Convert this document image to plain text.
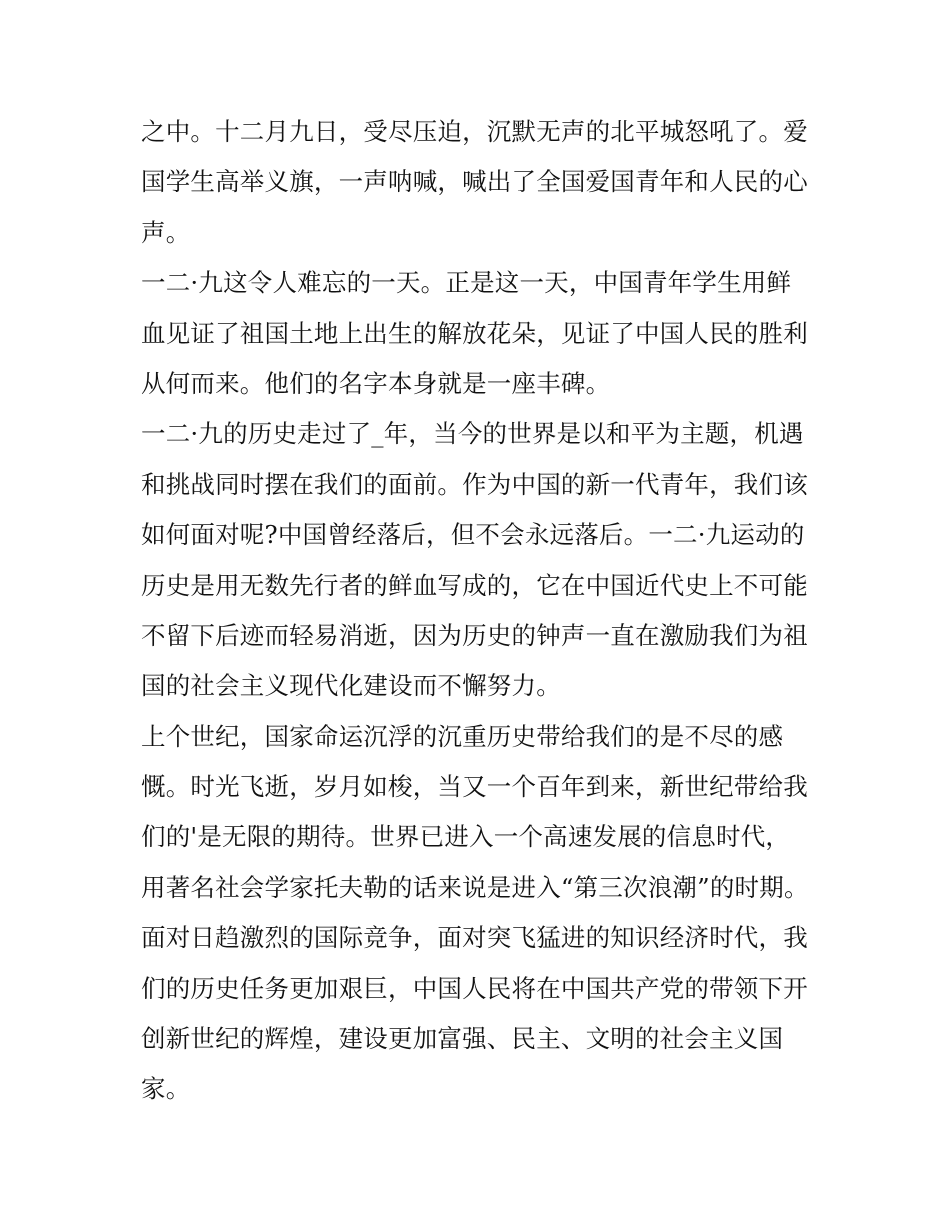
之中。十二月九日，受尽压迫，沉默无声的北平城怒吼了。爱
国学生高举义旗，一声呐喊，喊出了全国爱国青年和人民的心
声。
一二·九这令人难忘的一天。正是这一天，中国青年学生用鲜
血见证了祖国土地上出生的解放花朵，见证了中国人民的胜利
从何而来。他们的名字本身就是一座丰碑。
一二·九的历史走过了_年，当今的世界是以和平为主题，机遇
和挑战同时摆在我们的面前。作为中国的新一代青年，我们该
如何面对呢?中国曾经落后，但不会永远落后。一二·九运动的
历史是用无数先行者的鲜血写成的，它在中国近代史上不可能
不留下后迹而轻易消逝，因为历史的钟声一直在激励我们为祖
国的社会主义现代化建设而不懈努力。
上个世纪，国家命运沉浮的沉重历史带给我们的是不尽的感
慨。时光飞逝，岁月如梭，当又一个百年到来，新世纪带给我
们的'是无限的期待。世界已进入一个高速发展的信息时代，
用著名社会学家托夫勒的话来说是进入“第三次浪潮”的时期。
面对日趋激烈的国际竞争，面对突飞猛进的知识经济时代，我
们的历史任务更加艰巨，中国人民将在中国共产党的带领下开
创新世纪的辉煌，建设更加富强、民主、文明的社会主义国
家。
